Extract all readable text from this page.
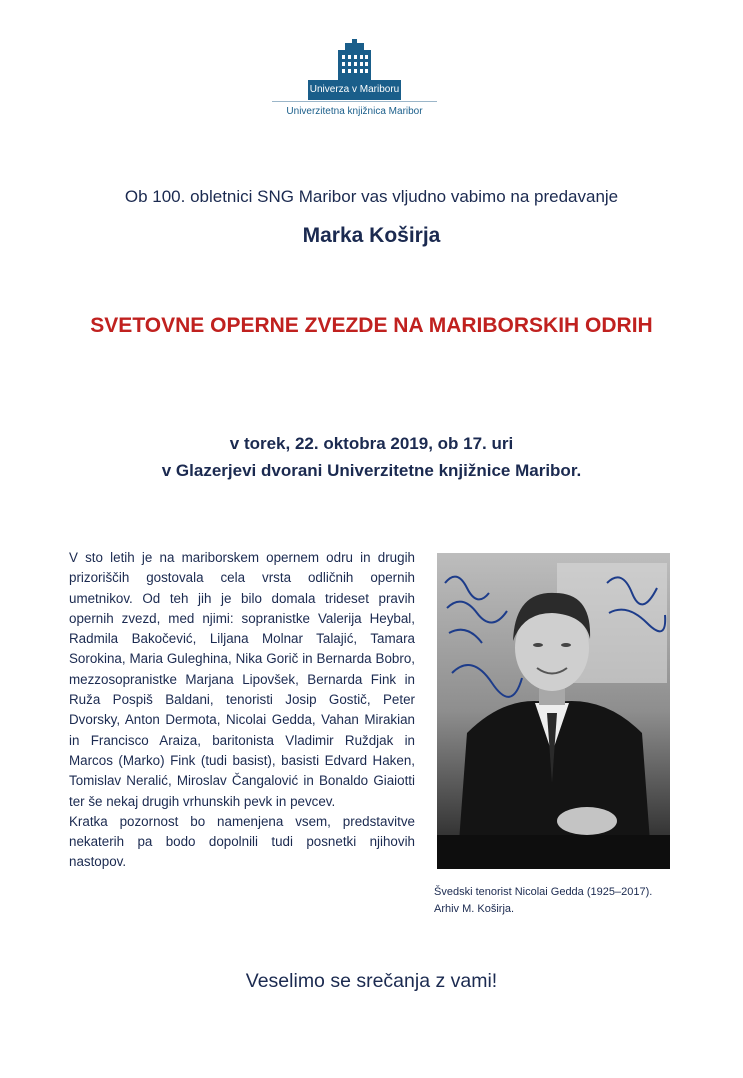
Univerza v Mariboru
Univerzitetna knjižnica Maribor
Ob 100. obletnici SNG Maribor vas vljudno vabimo na predavanje
Marka Koširja
SVETOVNE OPERNE ZVEZDE NA MARIBORSKIH ODRIH
v torek, 22. oktobra 2019, ob 17. uri
v Glazerjevi dvorani Univerzitetne knjižnice Maribor.

V sto letih je na mariborskem opernem odru in drugih prizoriščih gostovala cela vrsta odličnih opernih umetnikov. Od teh jih je bilo domala trideset pravih opernih zvezd, med njimi: sopranistke Valerija Heybal, Radmila Bakočević, Liljana Molnar Talajić, Tamara Sorokina, Maria Guleghina, Nika Gorič in Bernarda Bobro, mezzosopranistke Marjana Lipovšek, Bernarda Fink in Ruža Pospiš Baldani, tenoristi Josip Gostič, Peter Dvorsky, Anton Dermota, Nicolai Gedda, Vahan Mirakian in Francisco Araiza, baritonista Vladimir Ruždjak in Marcos (Marko) Fink (tudi basist), basisti Edvard Haken, Tomislav Neralić, Miroslav Čangalović in Bonaldo Giaiotti ter še nekaj drugih vrhunskih pevk in pevcev.

Kratka pozornost bo namenjena vsem, predstavitve nekaterih pa bodo dopolnili tudi posnetki njihovih nastopov.

Švedski tenorist Nicolai Gedda (1925–2017).
Arhiv M. Koširja.
Veselimo se srečanja z vami!
